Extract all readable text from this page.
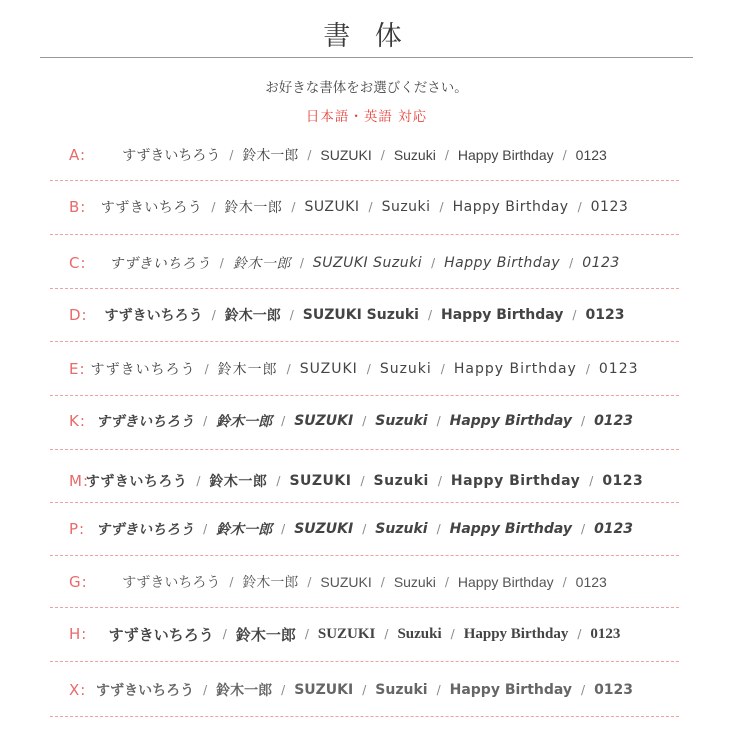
書 体
お好きな書体をお選びください。
日本語・英語 対応
A:	すずきいちろう / 鈴木一郎 / SUZUKI / Suzuki / Happy Birthday / 0123
B: すずきいちろう / 鈴木一郎 / SUZUKI / Suzuki / Happy Birthday / 0123
C: すずきいちろう / 鈴木一郎 / SUZUKI Suzuki / Happy Birthday / 0123
D: すずきいちろう / 鈴木一郎 / SUZUKI Suzuki / Happy Birthday / 0123
E: すずきいちろう / 鈴木一郎 / SUZUKI / Suzuki / Happy Birthday / 0123
K: すずきいちろう / 鈴木一郎 / SUZUKI / Suzuki / Happy Birthday / 0123
M:
すずきいちろう / 鈴木一郎 / SUZUKI / Suzuki / Happy Birthday / 0123
P: すずきいちろう / 鈴木一郎 / SUZUKI / Suzuki / Happy Birthday / 0123
G: すずきいちろう / 鈴木一郎 / SUZUKI / Suzuki / Happy Birthday / 0123
H: すずきいちろう / 鈴木一郎 / SUZUKI / Suzuki / Happy Birthday / 0123
X: すずきいちろう / 鈴木一郎 / SUZUKI / Suzuki / Happy Birthday / 0123
